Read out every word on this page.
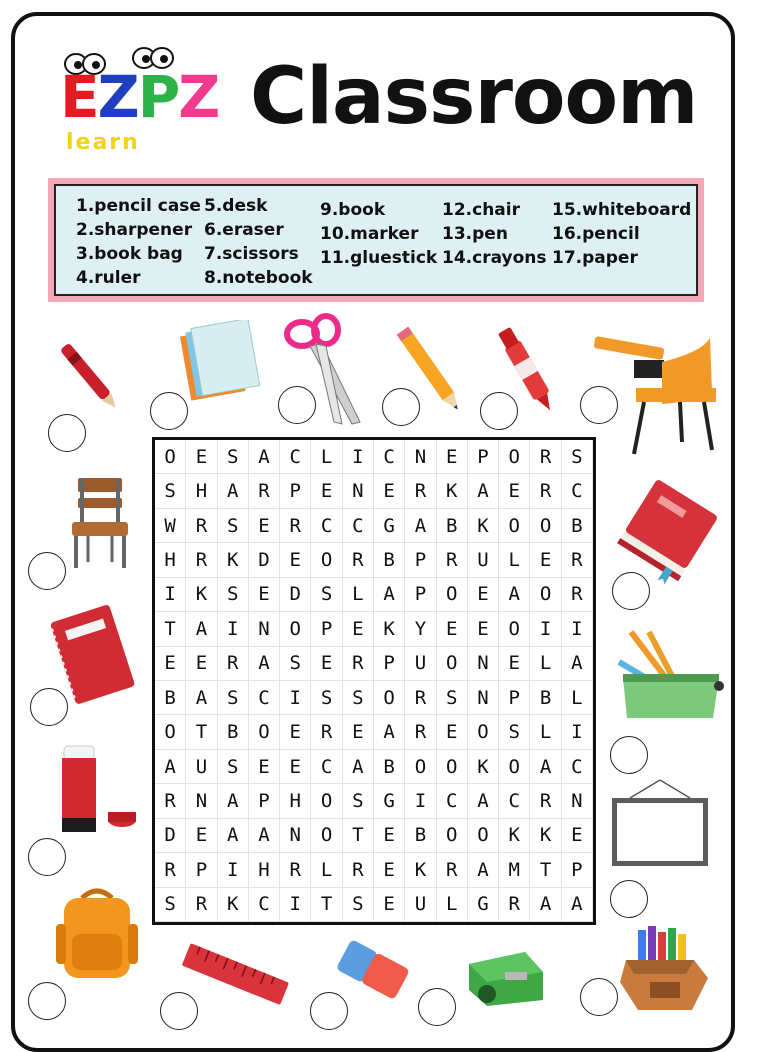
EZPZ
learn
Classroom
1.pencil case
2.sharpener
3.book bag
4.ruler
5.desk
6.eraser
7.scissors
8.notebook
9.book
10.marker
11.gluestick
12.chair
13.pen
14.crayons
15.whiteboard
16.pencil
17.paper
O	E	S	A	C	L	I	C	N	E	P	O	R	S
S	H	A	R	P	E	N	E	R	K	A	E	R	C
W	R	S	E	R	C	C	G	A	B	K	O	O	B
H	R	K	D	E	O	R	B	P	R	U	L	E	R
I	K	S	E	D	S	L	A	P	O	E	A	O	R
T	A	I	N	O	P	E	K	Y	E	E	O	I	I
E	E	R	A	S	E	R	P	U	O	N	E	L	A
B	A	S	C	I	S	S	O	R	S	N	P	B	L
O	T	B	O	E	R	E	A	R	E	O	S	L	I
A	U	S	E	E	C	A	B	O	O	K	O	A	C
R	N	A	P	H	O	S	G	I	C	A	C	R	N
D	E	A	A	N	O	T	E	B	O	O	K	K	E
R	P	I	H	R	L	R	E	K	R	A	M	T	P
S	R	K	C	I	T	S	E	U	L	G	R	A	A
